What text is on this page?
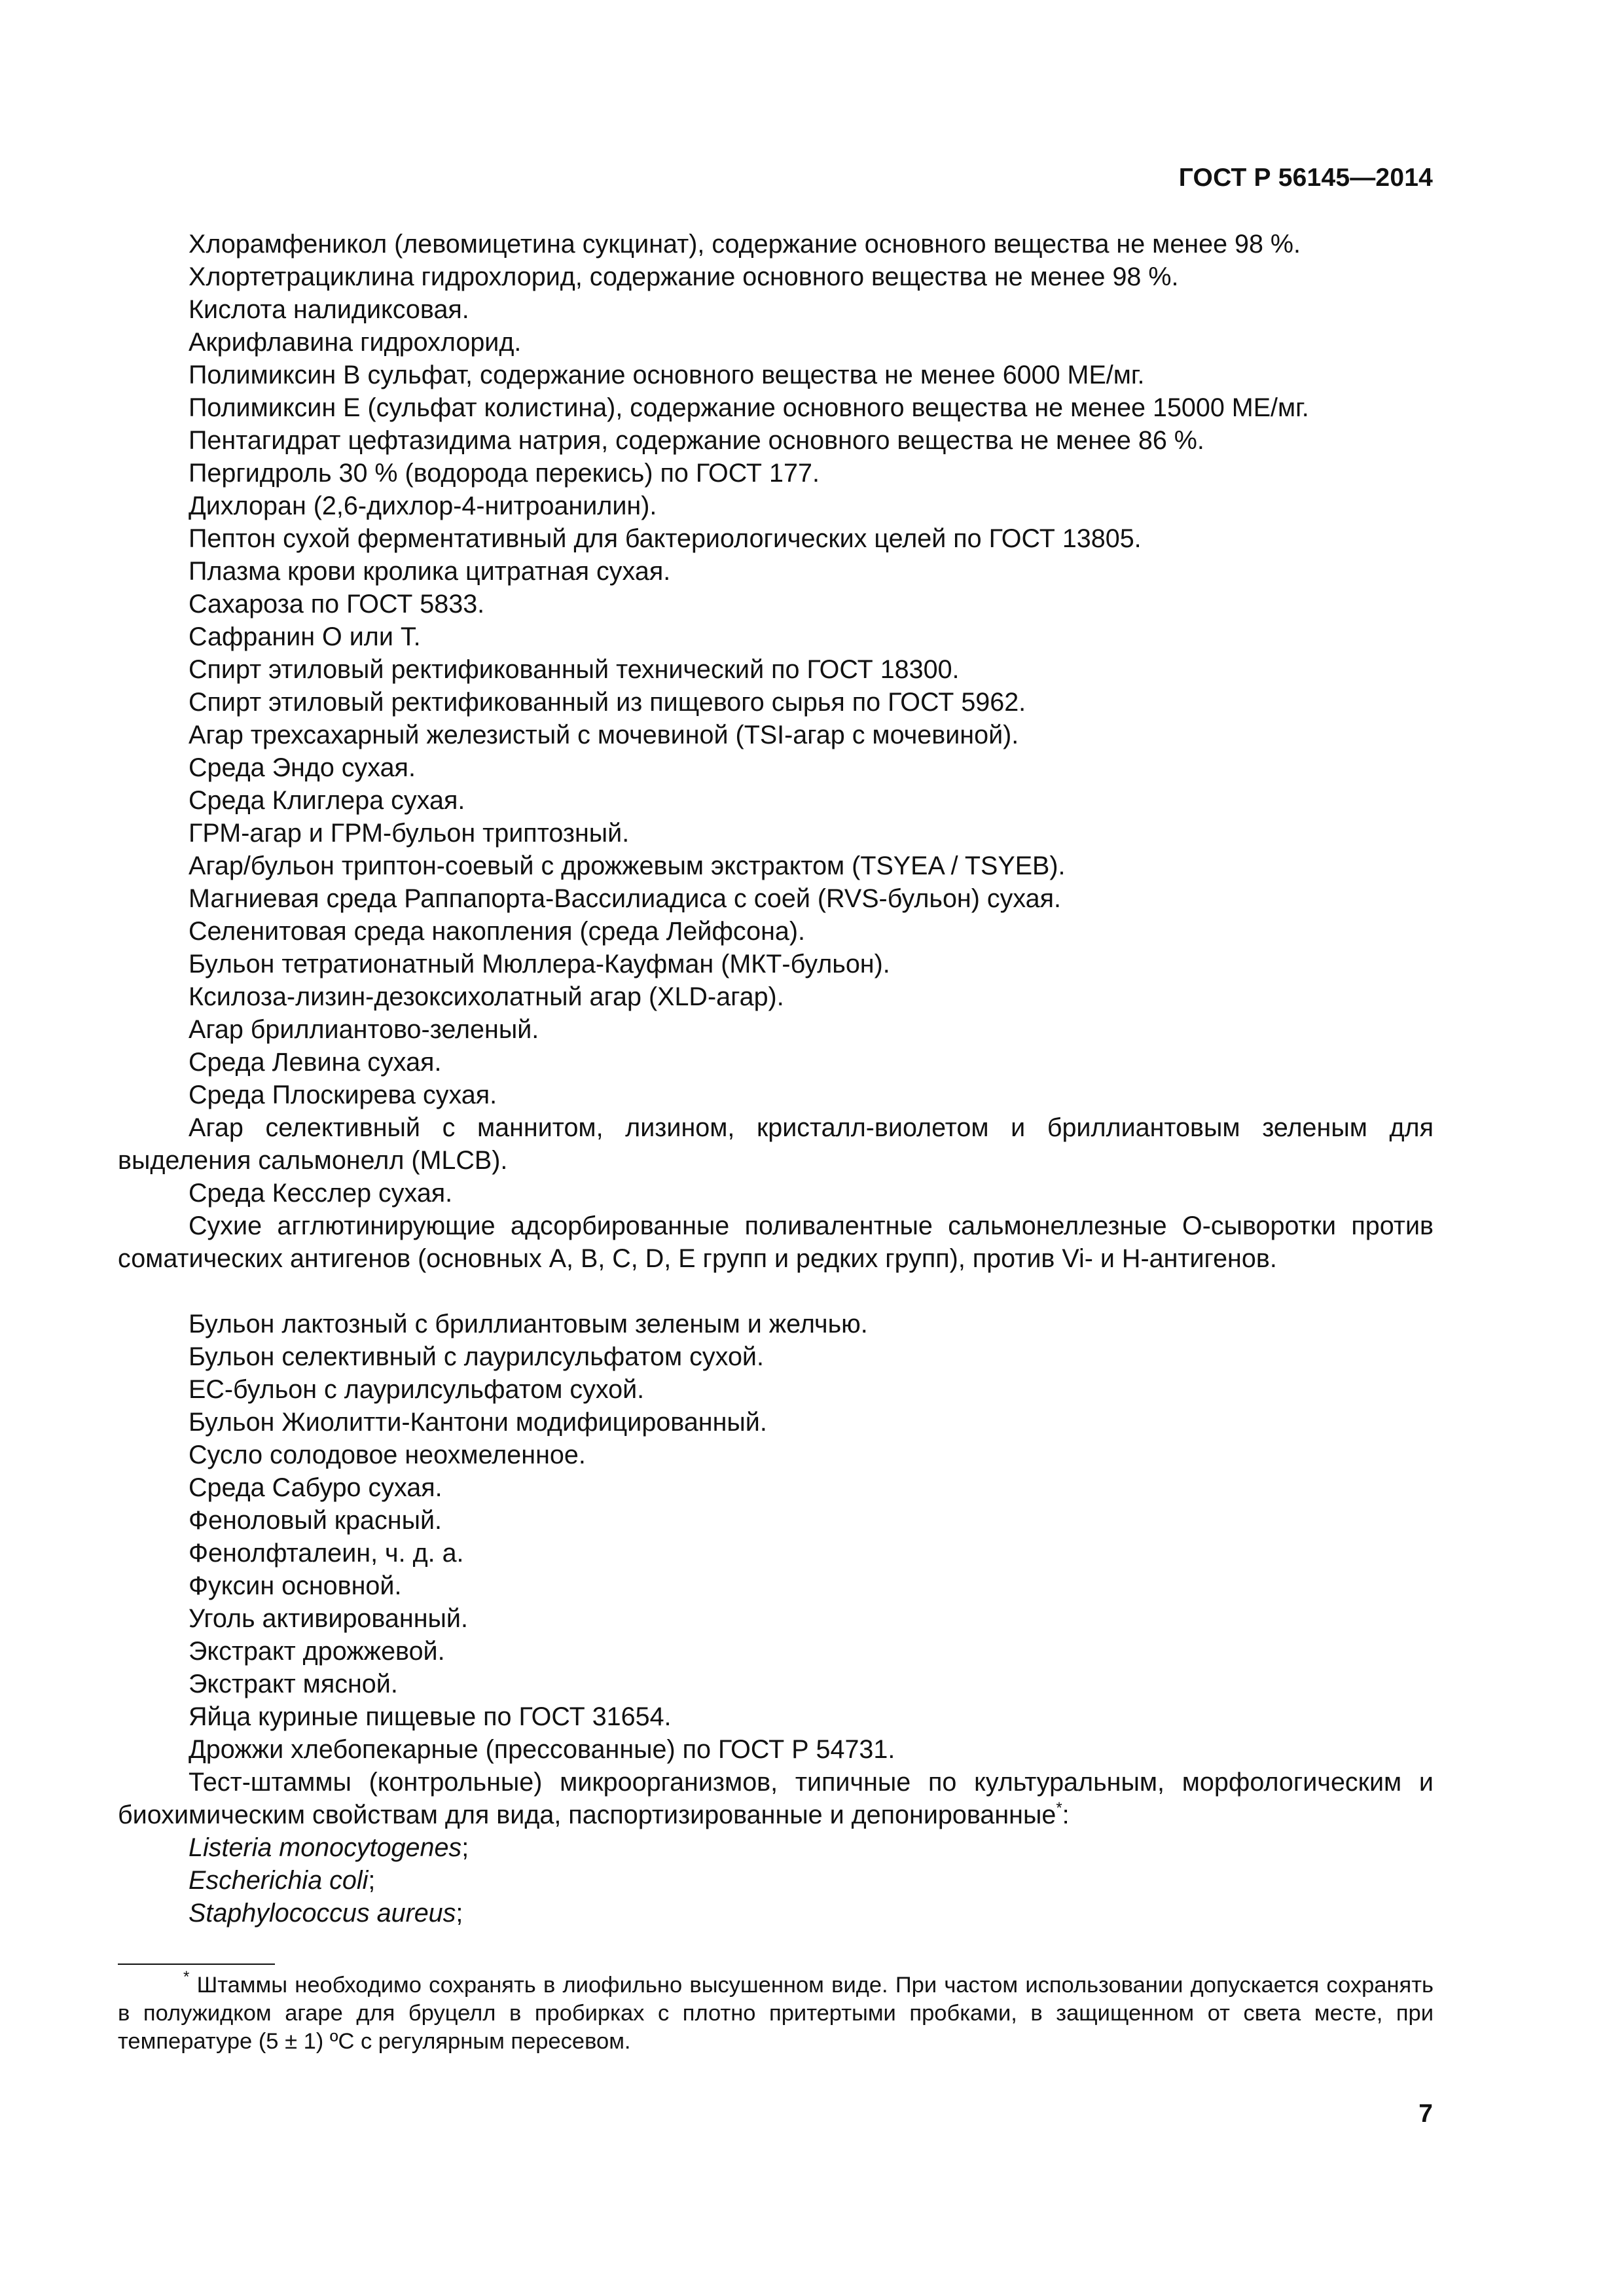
ГОСТ Р 56145—2014

Хлорамфеникол (левомицетина сукцинат), содержание основного вещества не менее 98 %.

Хлортетрациклина гидрохлорид, содержание основного вещества не менее 98 %.

Кислота налидиксовая.

Акрифлавина гидрохлорид.

Полимиксин В сульфат, содержание основного вещества не менее 6000 МЕ/мг.

Полимиксин Е (сульфат колистина), содержание основного вещества не менее 15000 МЕ/мг.

Пентагидрат цефтазидима натрия, содержание основного вещества не менее 86 %.

Пергидроль 30 % (водорода перекись) по ГОСТ 177.

Дихлоран (2,6-дихлор-4-нитроанилин).

Пептон сухой ферментативный для бактериологических целей по ГОСТ 13805.

Плазма крови кролика цитратная сухая.

Сахароза по ГОСТ 5833.

Сафранин О или Т.

Спирт этиловый ректификованный технический по ГОСТ 18300.

Спирт этиловый ректификованный из пищевого сырья по ГОСТ 5962.

Агар трехсахарный железистый с мочевиной (TSI-агар с мочевиной).

Среда Эндо сухая.

Среда Клиглера сухая.

ГРМ-агар и ГРМ-бульон триптозный.

Агар/бульон триптон-соевый с дрожжевым экстрактом (TSYEA / TSYEB).

Магниевая среда Раппапорта-Вассилиадиса с соей (RVS-бульон) сухая.

Селенитовая среда накопления (среда Лейфсона).

Бульон тетратионатный Мюллера-Кауфман (МКТ-бульон).

Ксилоза-лизин-дезоксихолатный агар (XLD-агар).

Агар бриллиантово-зеленый.

Среда Левина сухая.

Среда Плоскирева сухая.

Агар селективный с маннитом, лизином, кристалл-виолетом и бриллиантовым зеленым для выделения сальмонелл (MLCB).

Среда Кесслер сухая.

Сухие агглютинирующие адсорбированные поливалентные сальмонеллезные О-сыворотки против соматических антигенов (основных А, В, С, D, Е групп и редких групп), против Vi- и Н-антигенов.

Бульон лактозный с бриллиантовым зеленым и желчью.

Бульон селективный с лаурилсульфатом сухой.

ЕС-бульон с лаурилсульфатом сухой.

Бульон Жиолитти-Кантони модифицированный.

Сусло солодовое неохмеленное.

Среда Сабуро сухая.

Феноловый красный.

Фенолфталеин, ч. д. а.

Фуксин основной.

Уголь активированный.

Экстракт дрожжевой.

Экстракт мясной.

Яйца куриные пищевые по ГОСТ 31654.

Дрожжи хлебопекарные (прессованные) по ГОСТ Р 54731.

Тест-штаммы (контрольные) микроорганизмов, типичные по культуральным, морфологическим и биохимическим свойствам для вида, паспортизированные и депонированные*:

Listeria monocytogenes;

Escherichia coli;

Staphylococcus aureus;

* Штаммы необходимо сохранять в лиофильно высушенном виде. При частом использовании допускается сохранять в полужидком агаре для бруцелл в пробирках с плотно притертыми пробками, в защищенном от света месте, при температуре (5 ± 1) ºС с регулярным пересевом.
7
